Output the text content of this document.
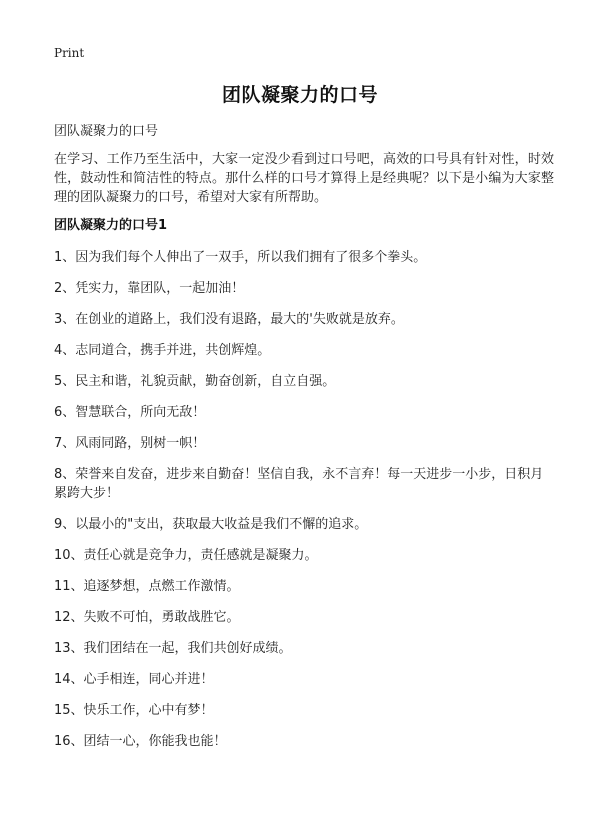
Print
团队凝聚力的口号

团队凝聚力的口号

在学习、工作乃至生活中，大家一定没少看到过口号吧，高效的口号具有针对性，时效性，鼓动性和简洁性的特点。那什么样的口号才算得上是经典呢？以下是小编为大家整理的团队凝聚力的口号，希望对大家有所帮助。

团队凝聚力的口号1
1、因为我们每个人伸出了一双手，所以我们拥有了很多个拳头。
2、凭实力，靠团队，一起加油！
3、在创业的道路上，我们没有退路，最大的'失败就是放弃。
4、志同道合，携手并进，共创辉煌。
5、民主和谐，礼貌贡献，勤奋创新，自立自强。
6、智慧联合，所向无敌！
7、风雨同路，别树一帜！
8、荣誉来自发奋，进步来自勤奋！坚信自我，永不言弃！每一天进步一小步，日积月累跨大步！
9、以最小的"支出，获取最大收益是我们不懈的追求。
10、责任心就是竞争力，责任感就是凝聚力。
11、追逐梦想，点燃工作激情。
12、失败不可怕，勇敢战胜它。
13、我们团结在一起，我们共创好成绩。
14、心手相连，同心并进！
15、快乐工作，心中有梦！
16、团结一心，你能我也能！
